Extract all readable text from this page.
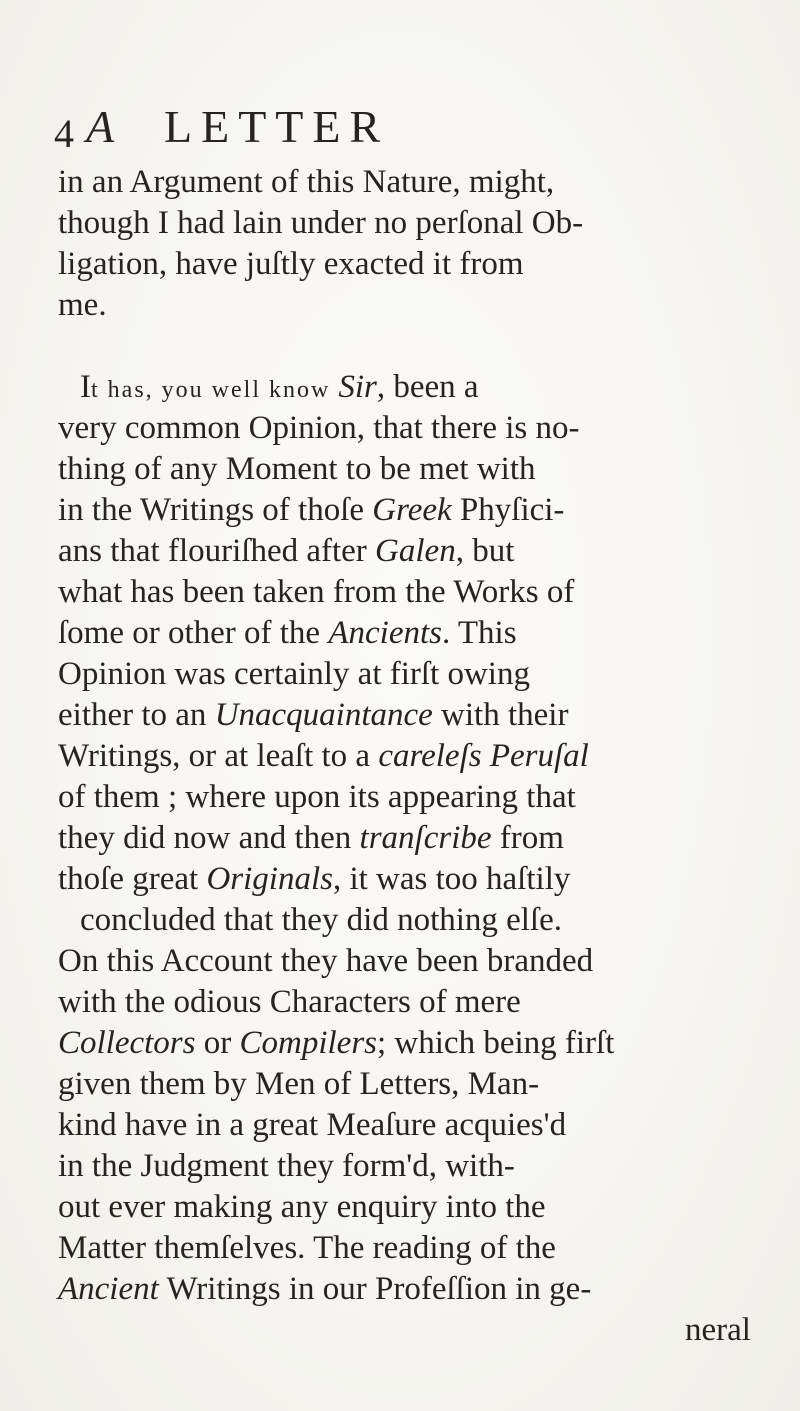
4 A LETTER
in an Argument of this Nature, might,
though I had lain under no perſonal Ob-
ligation, have juſtly exacted it from
me.
It has, you well know Sir, been a
very common Opinion, that there is no-
thing of any Moment to be met with
in the Writings of thoſe Greek Phyſici-
ans that flouriſhed after Galen, but
what has been taken from the Works of
ſome or other of the Ancients. This
Opinion was certainly at firſt owing
either to an Unacquaintance with their
Writings, or at leaſt to a careleſs Peruſal
of them ; where upon its appearing that
they did now and then tranſcribe from
thoſe great Originals, it was too haſtily
concluded that they did nothing elſe.
On this Account they have been branded
with the odious Characters of mere
Collectors or Compilers; which being firſt
given them by Men of Letters, Man-
kind have in a great Meaſure acquies'd
in the Judgment they form'd, with-
out ever making any enquiry into the
Matter themſelves. The reading of the
Ancient Writings in our Profeſſion in ge-
neral
